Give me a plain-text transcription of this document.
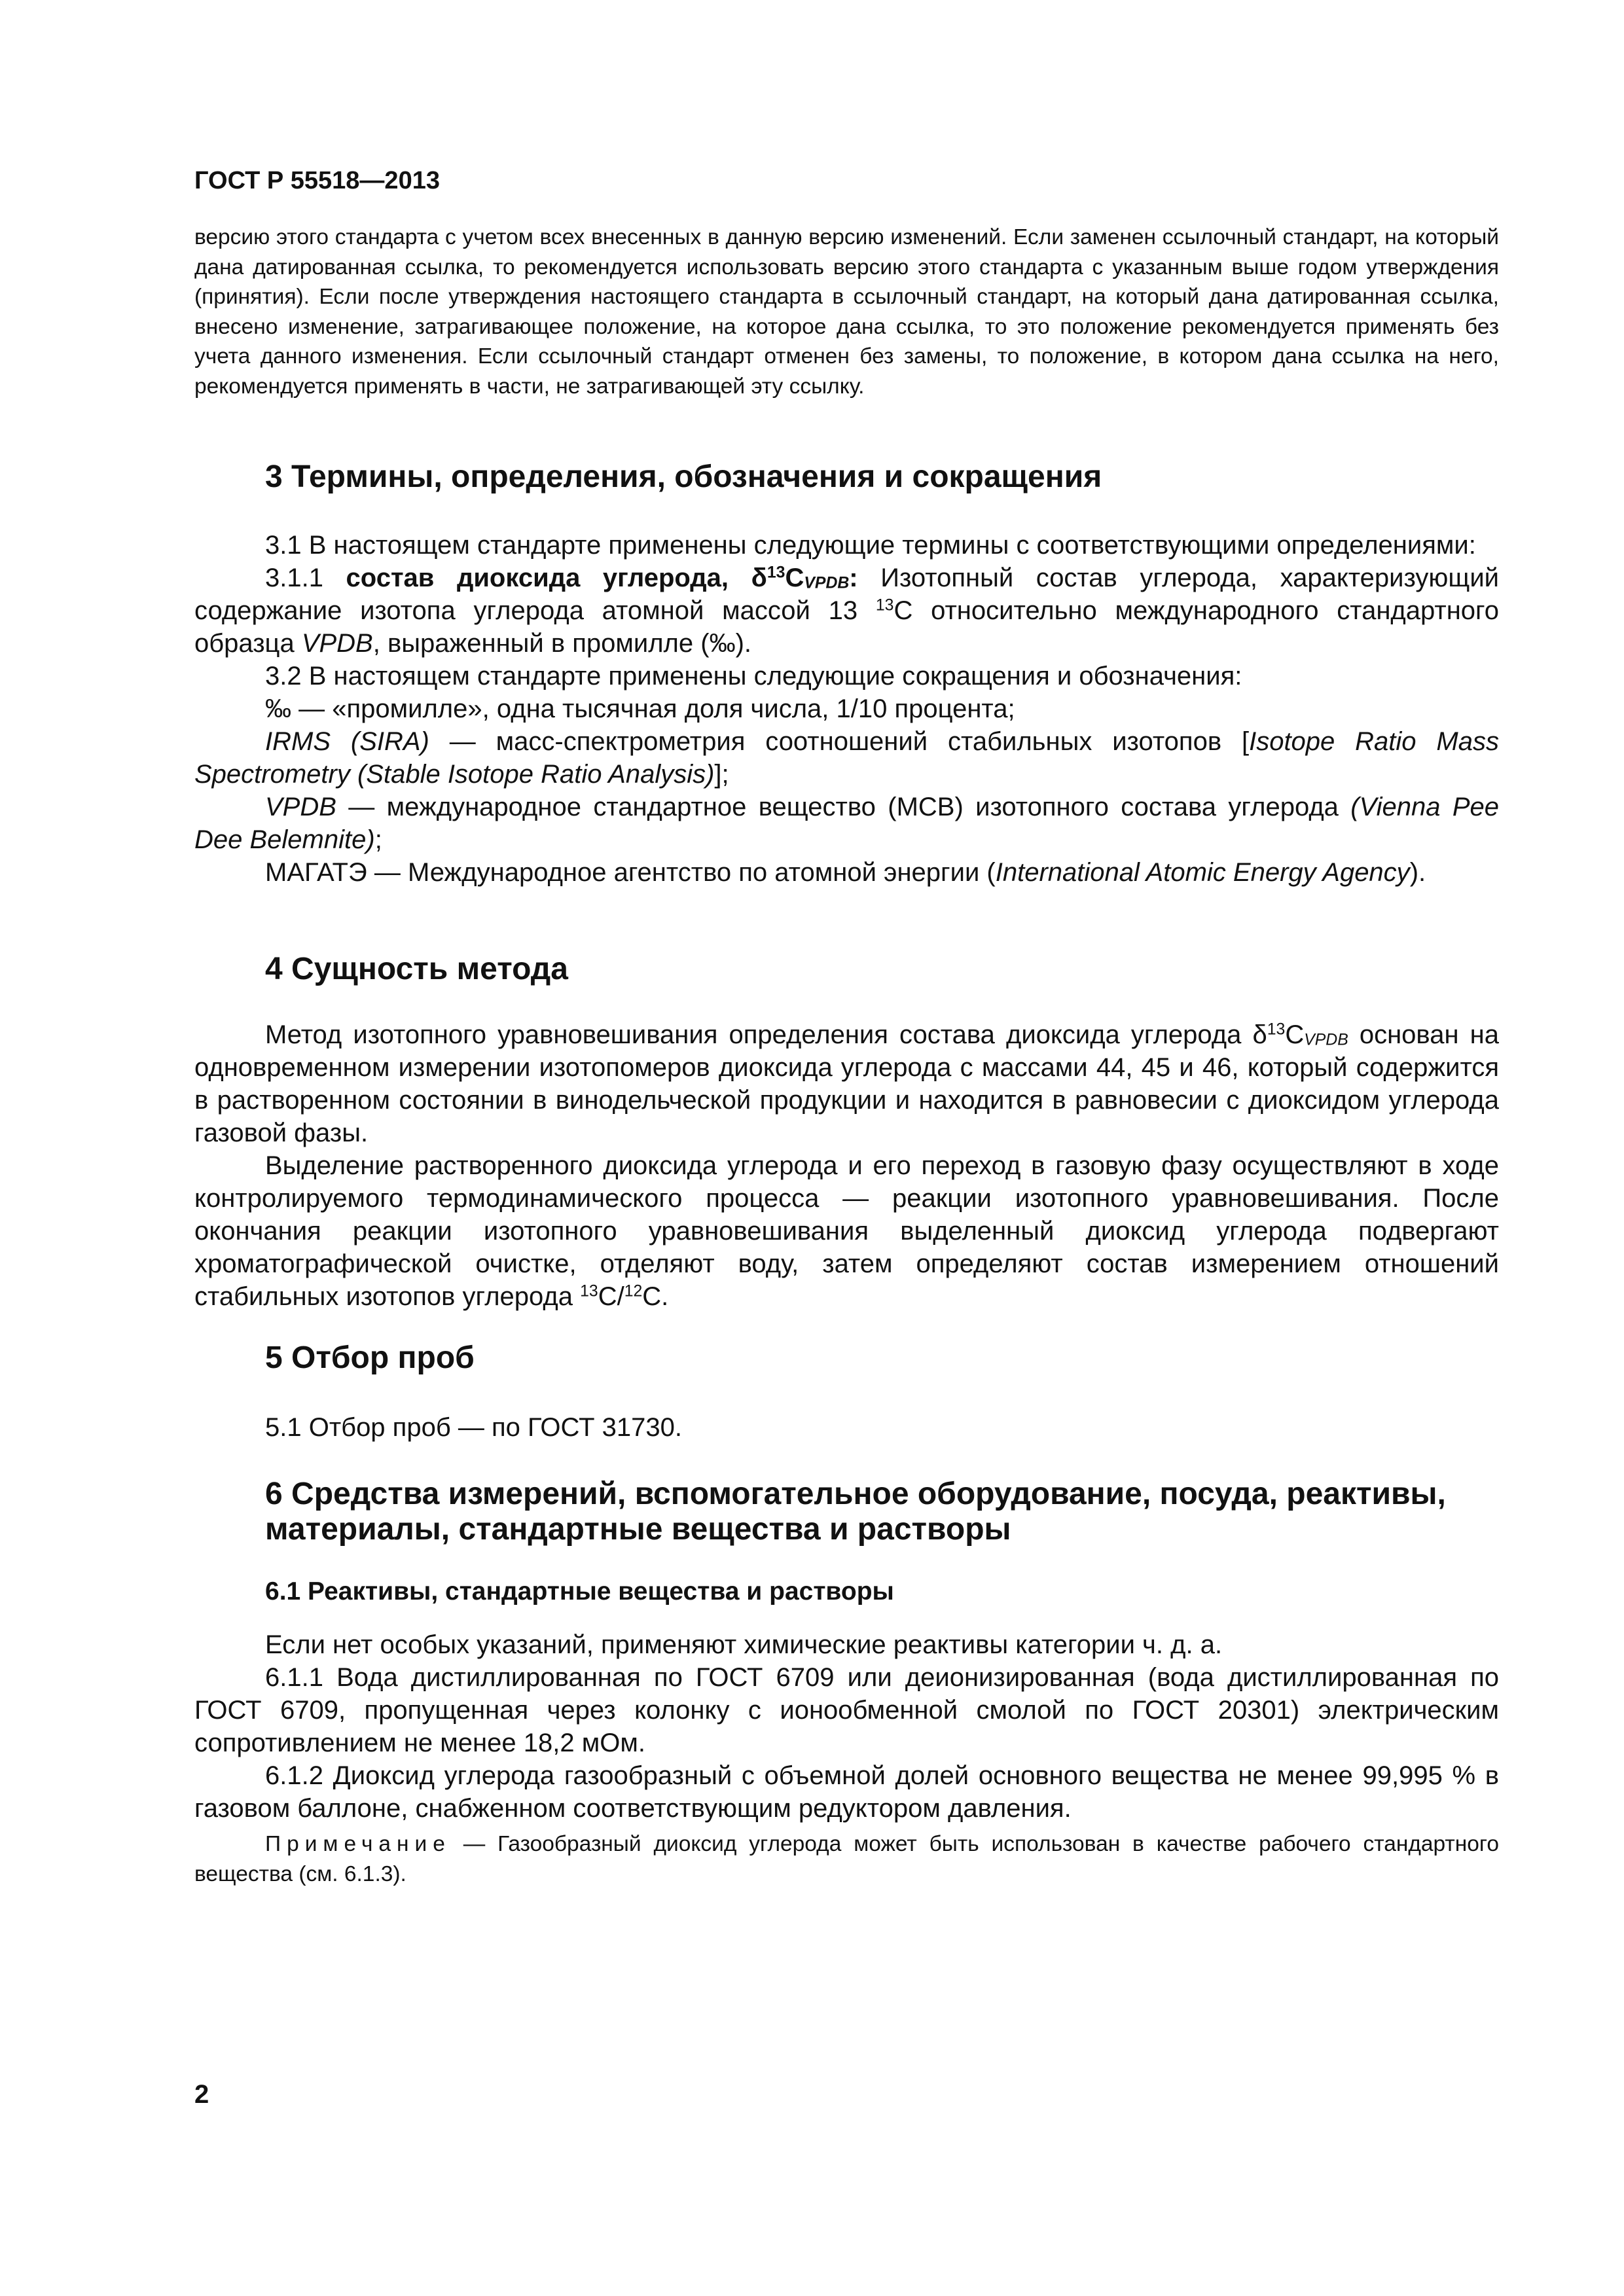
ГОСТ Р 55518—2013

версию этого стандарта с учетом всех внесенных в данную версию изменений. Если заменен ссылочный стандарт, на который дана датированная ссылка, то рекомендуется использовать версию этого стандарта с указанным выше годом утверждения (принятия). Если после утверждения настоящего стандарта в ссылочный стандарт, на который дана датированная ссылка, внесено изменение, затрагивающее положение, на которое дана ссылка, то это положение рекомендуется применять без учета данного изменения. Если ссылочный стандарт отменен без замены, то положение, в котором дана ссылка на него, рекомендуется применять в части, не затрагивающей эту ссылку.

3 Термины, определения, обозначения и сокращения

3.1 В настоящем стандарте применены следующие термины с соответствующими определениями:

3.1.1 состав диоксида углерода, $\delta^{13}C_{VPDB}$: Изотопный состав углерода, характеризующий содержание изотопа углерода атомной массой 13 $^{13}$C относительно международного стандартного образца VPDB, выраженный в промилле (‰).

3.2 В настоящем стандарте применены следующие сокращения и обозначения:

‰ — «промилле», одна тысячная доля числа, 1/10 процента;

IRMS (SIRA) — масс-спектрометрия соотношений стабильных изотопов [Isotope Ratio Mass Spectrometry (Stable Isotope Ratio Analysis)];

VPDB — международное стандартное вещество (МСВ) изотопного состава углерода (Vienna Pee Dee Belemnite);

МАГАТЭ — Международное агентство по атомной энергии (International Atomic Energy Agency).

4 Сущность метода

Метод изотопного уравновешивания определения состава диоксида углерода $\delta^{13}C_{VPDB}$ основан на одновременном измерении изотопомеров диоксида углерода с массами 44, 45 и 46, который содержится в растворенном состоянии в винодельческой продукции и находится в равновесии с диоксидом углерода газовой фазы.

Выделение растворенного диоксида углерода и его переход в газовую фазу осуществляют в ходе контролируемого термодинамического процесса — реакции изотопного уравновешивания. После окончания реакции изотопного уравновешивания выделенный диоксид углерода подвергают хроматографической очистке, отделяют воду, затем определяют состав измерением отношений стабильных изотопов углерода $^{13}$C/$^{12}$C.

5 Отбор проб

5.1 Отбор проб — по ГОСТ 31730.

6 Средства измерений, вспомогательное оборудование, посуда, реактивы,
материалы, стандартные вещества и растворы
6.1 Реактивы, стандартные вещества и растворы

Если нет особых указаний, применяют химические реактивы категории ч. д. а.

6.1.1 Вода дистиллированная по ГОСТ 6709 или деионизированная (вода дистиллированная по ГОСТ 6709, пропущенная через колонку с ионообменной смолой по ГОСТ 20301) электрическим сопротивлением не менее 18,2 мОм.

6.1.2 Диоксид углерода газообразный с объемной долей основного вещества не менее 99,995 % в газовом баллоне, снабженном соответствующим редуктором давления.

Примечание — Газообразный диоксид углерода может быть использован в качестве рабочего стандартного вещества (см. 6.1.3).

2
